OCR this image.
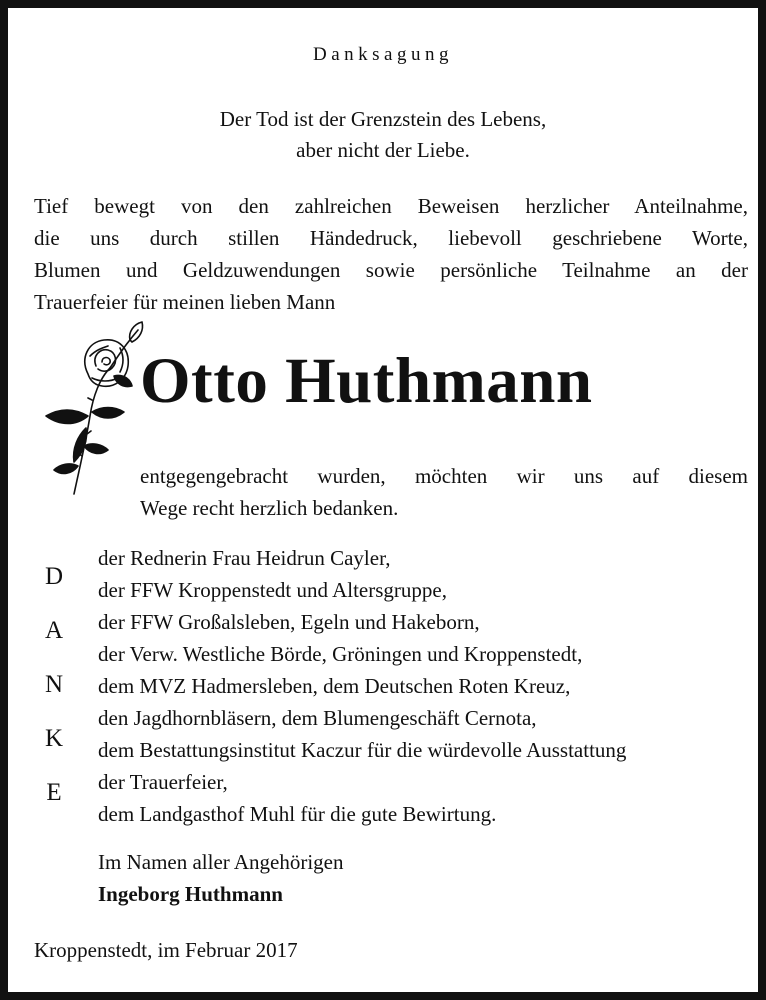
Danksagung
Der Tod ist der Grenzstein des Lebens,
aber nicht der Liebe.
Tief bewegt von den zahlreichen Beweisen herzlicher Anteilnahme,
die uns durch stillen Händedruck, liebevoll geschriebene Worte,
Blumen und Geldzuwendungen sowie persönliche Teilnahme an der
Trauerfeier für meinen lieben Mann
Otto Huthmann
entgegengebracht wurden, möchten wir uns auf diesem
Wege recht herzlich bedanken.
D
A
N
K
E
der Rednerin Frau Heidrun Cayler,
der FFW Kroppenstedt und Altersgruppe,
der FFW Großalsleben, Egeln und Hakeborn,
der Verw. Westliche Börde, Gröningen und Kroppenstedt,
dem MVZ Hadmersleben, dem Deutschen Roten Kreuz,
den Jagdhornbläsern, dem Blumengeschäft Cernota,
dem Bestattungsinstitut Kaczur für die würdevolle Ausstattung
der Trauerfeier,
dem Landgasthof Muhl für die gute Bewirtung.
Im Namen aller Angehörigen
Ingeborg Huthmann
Kroppenstedt, im Februar 2017
